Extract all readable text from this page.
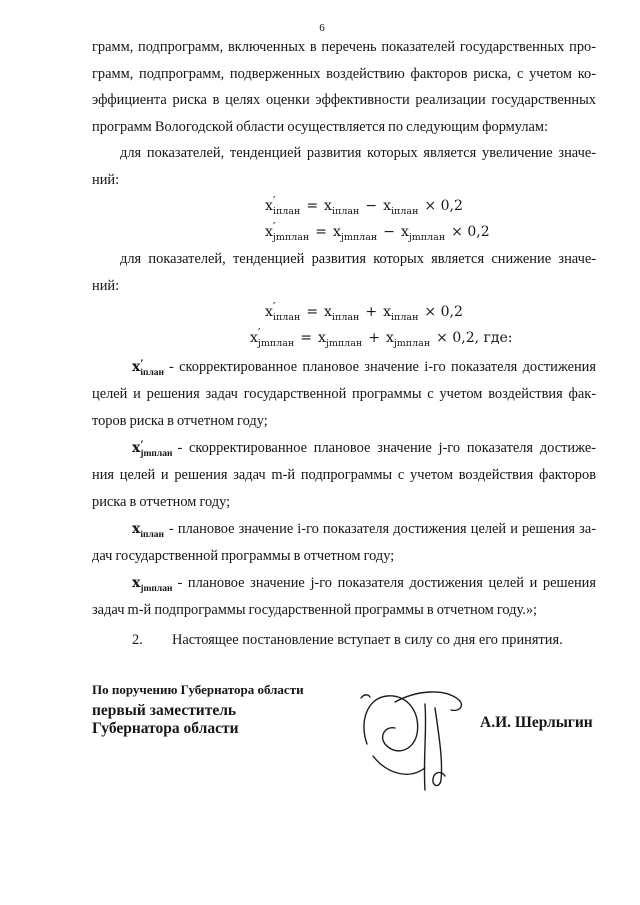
6
грамм, подпрограмм, включенных в перечень показателей государственных про-
грамм, подпрограмм, подверженных воздействию факторов риска, с учетом ко-
эффициента риска в целях оценки эффективности реализации государственных
программ Вологодской области осуществляется по следующим формулам:
для показателей, тенденцией развития которых является увеличение значе-
ний:
x ′
iплан = x iплан − x iплан × 0,2
x ′
jmплан = x jmплан − x jmплан × 0,2
для показателей, тенденцией развития которых является снижение значе-
ний:
x ′
iплан = x iплан + x iплан × 0,2
x ′
jmплан = x jmплан + x jmплан × 0,2, где:
x ′
iплан - скорректированное плановое значение i-го показателя достижения
целей и решения задач государственной программы с учетом воздействия фак-
торов риска в отчетном году;
x ′
jmплан - скорректированное плановое значение j-го показателя достиже-
ния целей и решения задач m-й подпрограммы с учетом воздействия факторов
риска в отчетном году;
xiплан - плановое значение i-го показателя достижения целей и решения за-
дач государственной программы в отчетном году;
xjmплан - плановое значение j-го показателя достижения целей и решения
задач m-й подпрограммы государственной программы в отчетном году.»;
2. Настоящее постановление вступает в силу со дня его принятия.
По поручению Губернатора области
первый заместитель
Губернатора области	А.И. Шерлыгин
